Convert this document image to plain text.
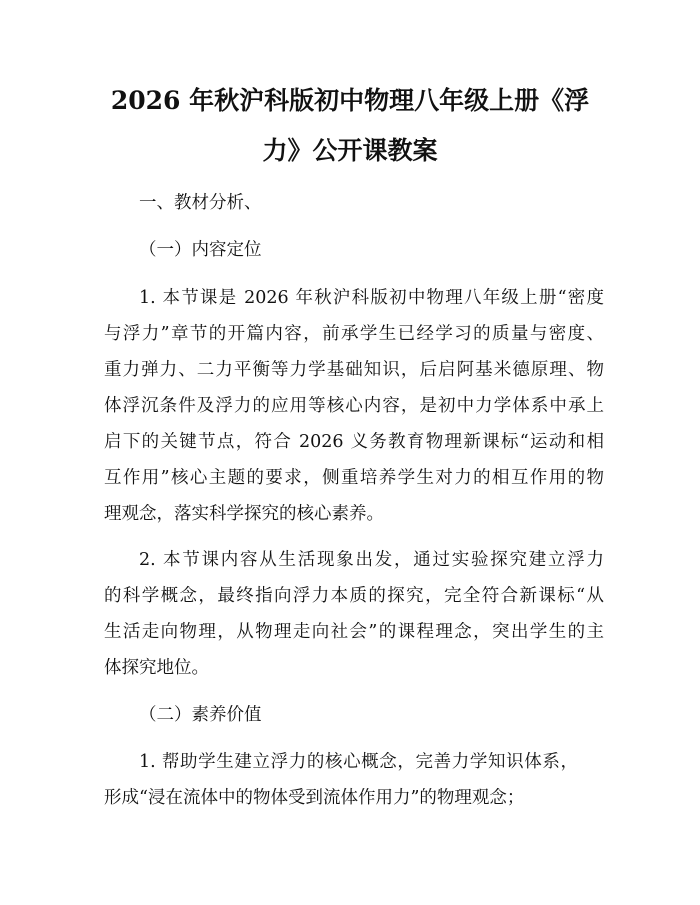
2026 年秋沪科版初中物理八年级上册《浮
力》公开课教案
一、教材分析、
（一）内容定位
1. 本节课是 2026 年秋沪科版初中物理八年级上册“密度
与浮力”章节的开篇内容，前承学生已经学习的质量与密度、
重力弹力、二力平衡等力学基础知识，后启阿基米德原理、物
体浮沉条件及浮力的应用等核心内容，是初中力学体系中承上
启下的关键节点，符合 2026 义务教育物理新课标“运动和相
互作用”核心主题的要求，侧重培养学生对力的相互作用的物
理观念，落实科学探究的核心素养。
2. 本节课内容从生活现象出发，通过实验探究建立浮力
的科学概念，最终指向浮力本质的探究，完全符合新课标“从
生活走向物理，从物理走向社会”的课程理念，突出学生的主
体探究地位。
（二）素养价值
1. 帮助学生建立浮力的核心概念，完善力学知识体系，
形成“浸在流体中的物体受到流体作用力”的物理观念；
